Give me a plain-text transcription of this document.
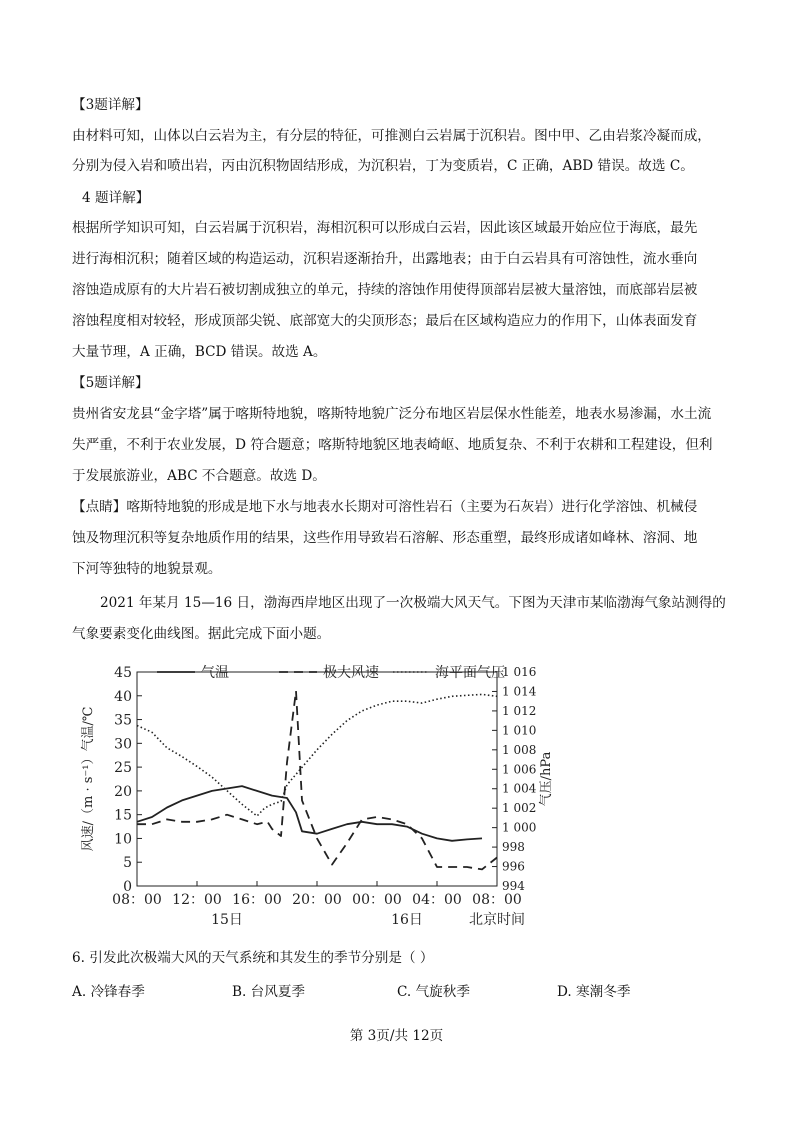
【3题详解】
由材料可知，山体以白云岩为主，有分层的特征，可推测白云岩属于沉积岩。图中甲、乙由岩浆冷凝而成，
分别为侵入岩和喷出岩，丙由沉积物固结形成，为沉积岩，丁为变质岩，C 正确，ABD 错误。故选 C。
4 题详解】
根据所学知识可知，白云岩属于沉积岩，海相沉积可以形成白云岩，因此该区域最开始应位于海底，最先
进行海相沉积；随着区域的构造运动，沉积岩逐渐抬升，出露地表；由于白云岩具有可溶蚀性，流水垂向
溶蚀造成原有的大片岩石被切割成独立的单元，持续的溶蚀作用使得顶部岩层被大量溶蚀，而底部岩层被
溶蚀程度相对较轻，形成顶部尖锐、底部宽大的尖顶形态；最后在区域构造应力的作用下，山体表面发育
大量节理，A 正确，BCD 错误。故选 A。
【5题详解】
贵州省安龙县“金字塔”属于喀斯特地貌，喀斯特地貌广泛分布地区岩层保水性能差，地表水易渗漏，水土流
失严重，不利于农业发展，D 符合题意；喀斯特地貌区地表崎岖、地质复杂、不利于农耕和工程建设，但利
于发展旅游业，ABC 不合题意。故选 D。
【点睛】喀斯特地貌的形成是地下水与地表水长期对可溶性岩石（主要为石灰岩）进行化学溶蚀、机械侵
蚀及物理沉积等复杂地质作用的结果，这些作用导致岩石溶解、形态重塑，最终形成诸如峰林、溶洞、地
下河等独特的地貌景观。
2021 年某月 15—16 日，渤海西岸地区出现了一次极端大风天气。下图为天津市某临渤海气象站测得的
气象要素变化曲线图。据此完成下面小题。
0
5
10
15
20
25
30
35
40
45
994
996
998
1 000
1 002
1 004
1 006
1 008
1 010
1 012
1 014
1 016
08：00 12：00 16：00 20：00 00：00 04：00 08：00
15日	16日	北京时间
风速/（m · s⁻¹）气温/℃	气压/hPa
气温	极大风速	海平面气压
6. 引发此次极端大风的天气系统和其发生的季节分别是（ ）
A. 冷锋春季	B. 台风夏季	C. 气旋秋季	D. 寒潮冬季
第 3页/共 12页
